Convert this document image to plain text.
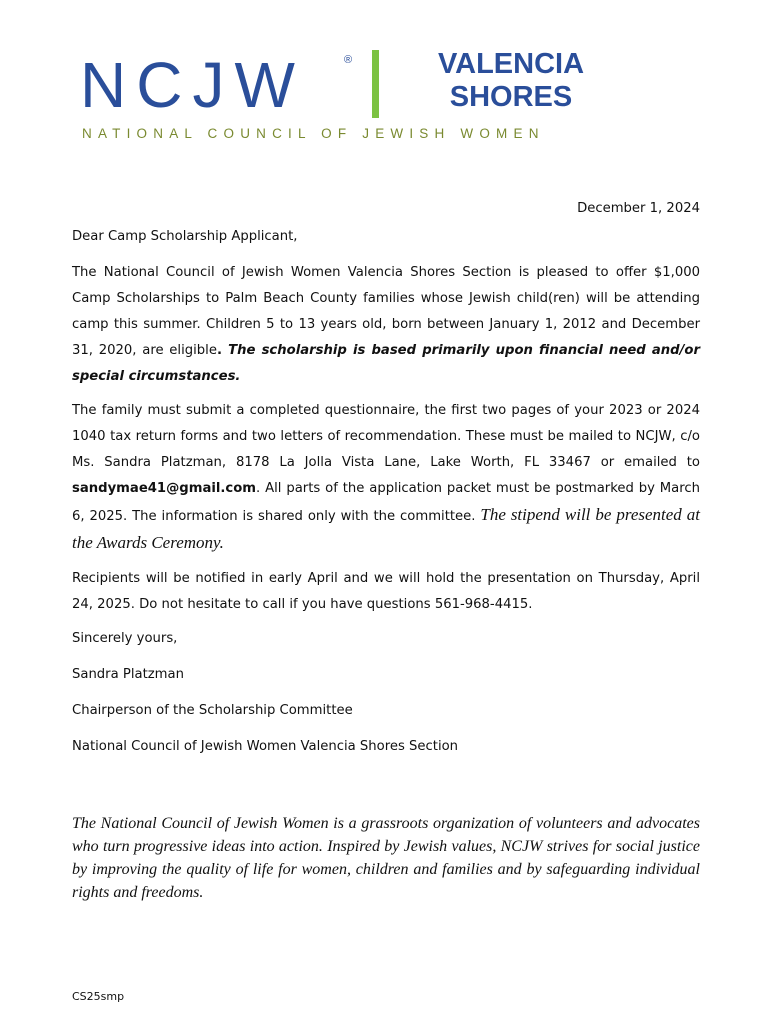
NCJW	®	VALENCIA
SHORES
NATIONAL COUNCIL OF JEWISH WOMEN

December 1, 2024

Dear Camp Scholarship Applicant,

The National Council of Jewish Women Valencia Shores Section is pleased to offer $1,000 Camp Scholarships to Palm Beach County families whose Jewish child(ren) will be attending camp this summer. Children 5 to 13 years old, born between January 1, 2012 and December 31, 2020, are eligible. The scholarship is based primarily upon financial need and/or special circumstances.

The family must submit a completed questionnaire, the first two pages of your 2023 or 2024 1040 tax return forms and two letters of recommendation. These must be mailed to NCJW, c/o Ms. Sandra Platzman, 8178 La Jolla Vista Lane, Lake Worth, FL 33467 or emailed to sandymae41@gmail.com. All parts of the application packet must be postmarked by March 6, 2025. The information is shared only with the committee. The stipend will be presented at the Awards Ceremony.

Recipients will be notified in early April and we will hold the presentation on Thursday, April 24, 2025. Do not hesitate to call if you have questions 561-968-4415.

Sincerely yours,

Sandra Platzman

Chairperson of the Scholarship Committee

National Council of Jewish Women Valencia Shores Section

The National Council of Jewish Women is a grassroots organization of volunteers and advocates who turn progressive ideas into action. Inspired by Jewish values, NCJW strives for social justice by improving the quality of life for women, children and families and by safeguarding individual rights and freedoms.
CS25smp
